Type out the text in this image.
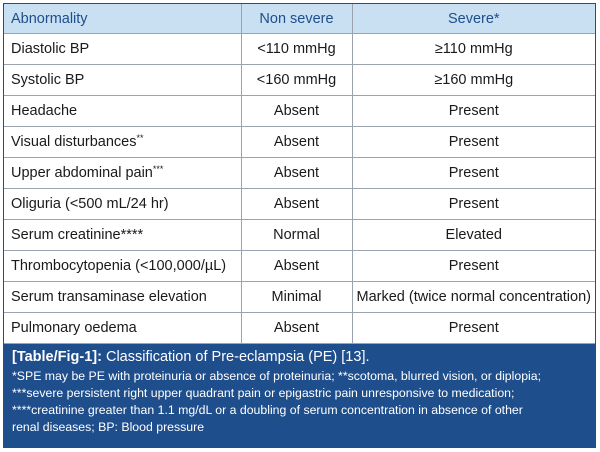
Abnormality	Non severe	Severe*
Diastolic BP	<110 mmHg	≥110 mmHg
Systolic BP	<160 mmHg	≥160 mmHg
Headache	Absent	Present
Visual disturbances**	Absent	Present
Upper abdominal pain***	Absent	Present
Oliguria (<500 mL/24 hr)	Absent	Present
Serum creatinine****	Normal	Elevated
Thrombocytopenia (<100,000/µL)	Absent	Present
Serum transaminase elevation	Minimal	Marked (twice normal concentration)
Pulmonary oedema	Absent	Present
[Table/Fig-1]: Classification of Pre-eclampsia (PE) [13].
*SPE may be PE with proteinuria or absence of proteinuria; **scotoma, blurred vision, or diplopia;
***severe persistent right upper quadrant pain or epigastric pain unresponsive to medication;
****creatinine greater than 1.1 mg/dL or a doubling of serum concentration in absence of other
renal diseases; BP: Blood pressure
